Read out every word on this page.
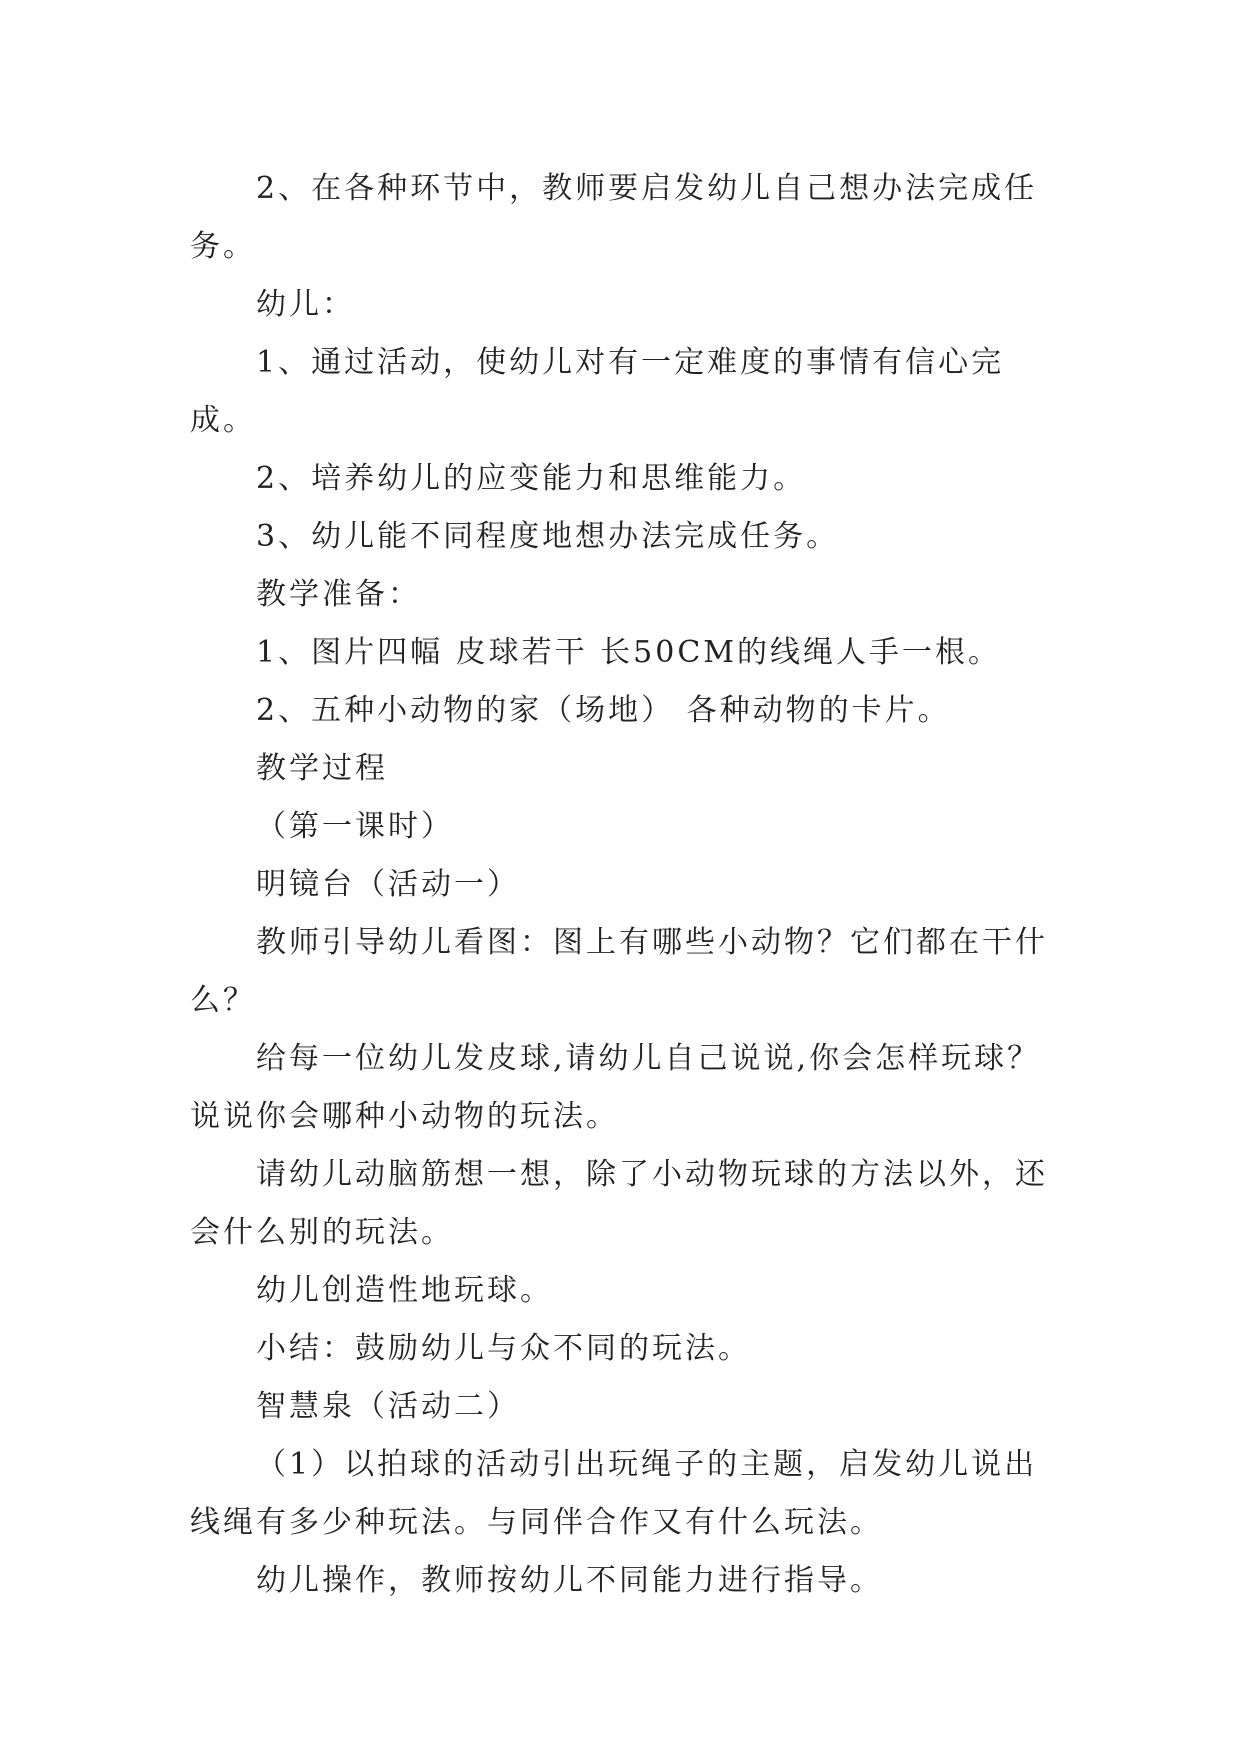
2、在各种环节中，教师要启发幼儿自己想办法完成任务。

幼儿：

1、通过活动，使幼儿对有一定难度的事情有信心完成。

2、培养幼儿的应变能力和思维能力。

3、幼儿能不同程度地想办法完成任务。

教学准备：

1、图片四幅 皮球若干 长50CM的线绳人手一根。

2、五种小动物的家（场地） 各种动物的卡片。

教学过程

（第一课时）

明镜台（活动一）

教师引导幼儿看图：图上有哪些小动物？它们都在干什么？

给每一位幼儿发皮球,请幼儿自己说说,你会怎样玩球？说说你会哪种小动物的玩法。

请幼儿动脑筋想一想，除了小动物玩球的方法以外，还会什么别的玩法。

幼儿创造性地玩球。

小结：鼓励幼儿与众不同的玩法。

智慧泉（活动二）

（1）以拍球的活动引出玩绳子的主题，启发幼儿说出线绳有多少种玩法。与同伴合作又有什么玩法。

幼儿操作，教师按幼儿不同能力进行指导。
